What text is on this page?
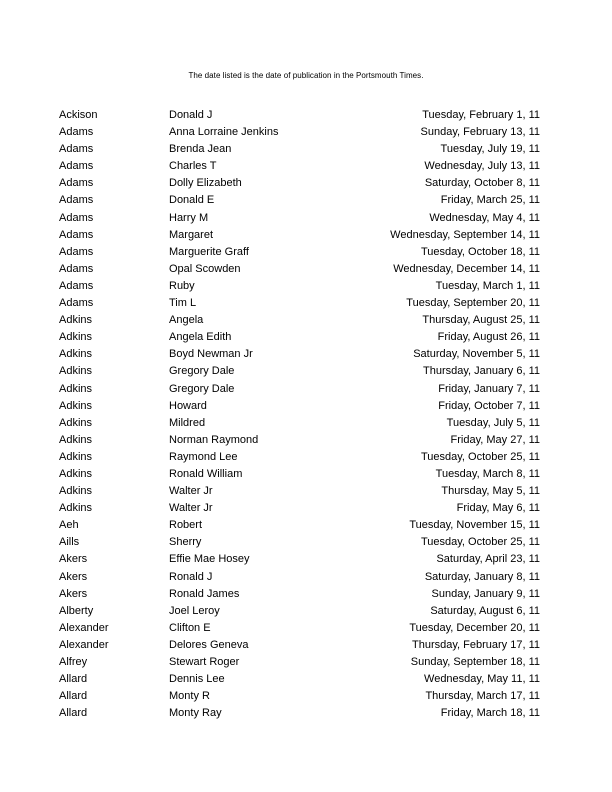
The date listed is the date of publication in the Portsmouth Times.
Ackison	Donald J	Tuesday, February 1, 11
Adams	Anna Lorraine Jenkins	Sunday, February 13, 11
Adams	Brenda Jean	Tuesday, July 19, 11
Adams	Charles T	Wednesday, July 13, 11
Adams	Dolly Elizabeth	Saturday, October 8, 11
Adams	Donald E	Friday, March 25, 11
Adams	Harry M	Wednesday, May 4, 11
Adams	Margaret	Wednesday, September 14, 11
Adams	Marguerite Graff	Tuesday, October 18, 11
Adams	Opal Scowden	Wednesday, December 14, 11
Adams	Ruby	Tuesday, March 1, 11
Adams	Tim L	Tuesday, September 20, 11
Adkins	Angela	Thursday, August 25, 11
Adkins	Angela Edith	Friday, August 26, 11
Adkins	Boyd Newman Jr	Saturday, November 5, 11
Adkins	Gregory Dale	Thursday, January 6, 11
Adkins	Gregory Dale	Friday, January 7, 11
Adkins	Howard	Friday, October 7, 11
Adkins	Mildred	Tuesday, July 5, 11
Adkins	Norman Raymond	Friday, May 27, 11
Adkins	Raymond Lee	Tuesday, October 25, 11
Adkins	Ronald William	Tuesday, March 8, 11
Adkins	Walter Jr	Thursday, May 5, 11
Adkins	Walter Jr	Friday, May 6, 11
Aeh	Robert	Tuesday, November 15, 11
Aills	Sherry	Tuesday, October 25, 11
Akers	Effie Mae Hosey	Saturday, April 23, 11
Akers	Ronald J	Saturday, January 8, 11
Akers	Ronald James	Sunday, January 9, 11
Alberty	Joel Leroy	Saturday, August 6, 11
Alexander	Clifton E	Tuesday, December 20, 11
Alexander	Delores Geneva	Thursday, February 17, 11
Alfrey	Stewart Roger	Sunday, September 18, 11
Allard	Dennis Lee	Wednesday, May 11, 11
Allard	Monty R	Thursday, March 17, 11
Allard	Monty Ray	Friday, March 18, 11
